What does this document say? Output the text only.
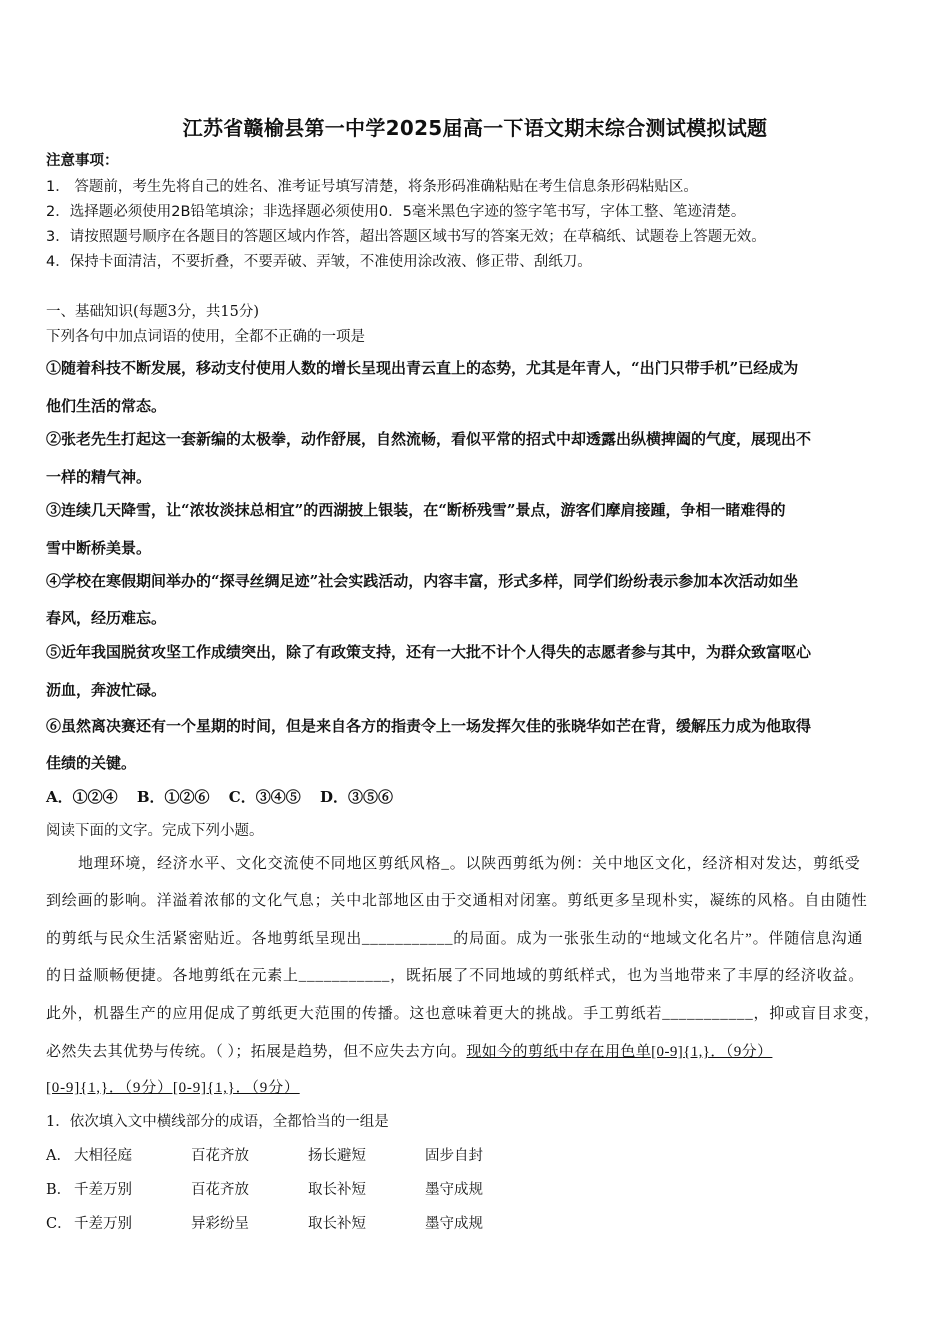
江苏省赣榆县第一中学2025届高一下语文期末综合测试模拟试题
注意事项：
1． 答题前，考生先将自己的姓名、准考证号填写清楚，将条形码准确粘贴在考生信息条形码粘贴区。
2．选择题必须使用2B铅笔填涂；非选择题必须使用0．5毫米黑色字迹的签字笔书写，字体工整、笔迹清楚。
3．请按照题号顺序在各题目的答题区域内作答，超出答题区域书写的答案无效；在草稿纸、试题卷上答题无效。
4．保持卡面清洁，不要折叠，不要弄破、弄皱，不准使用涂改液、修正带、刮纸刀。
一、基础知识(每题3分，共15分)
下列各句中加点词语的使用，全都不正确的一项是
①随着科技不断发展，移动支付使用人数的增长呈现出青云直上的态势，尤其是年青人，“出门只带手机”已经成为
他们生活的常态。
②张老先生打起这一套新编的太极拳，动作舒展，自然流畅，看似平常的招式中却透露出纵横捭阖的气度，展现出不
一样的精气神。
③连续几天降雪，让“浓妆淡抹总相宜”的西湖披上银装，在“断桥残雪”景点，游客们摩肩接踵，争相一睹难得的
雪中断桥美景。
④学校在寒假期间举办的“探寻丝绸足迹”社会实践活动，内容丰富，形式多样，同学们纷纷表示参加本次活动如坐
春风，经历难忘。
⑤近年我国脱贫攻坚工作成绩突出，除了有政策支持，还有一大批不计个人得失的志愿者参与其中，为群众致富呕心
沥血，奔波忙碌。
⑥虽然离决赛还有一个星期的时间，但是来自各方的指责令上一场发挥欠佳的张晓华如芒在背，缓解压力成为他取得
佳绩的关键。
A．①②④ B．①②⑥ C．③④⑤ D．③⑤⑥
阅读下面的文字。完成下列小题。
地理环境，经济水平、文化交流使不同地区剪纸风格_。以陕西剪纸为例：关中地区文化，经济相对发达，剪纸受
到绘画的影响。洋溢着浓郁的文化气息；关中北部地区由于交通相对闭塞。剪纸更多呈现朴实，凝练的风格。自由随性
的剪纸与民众生活紧密贴近。各地剪纸呈现出___________的局面。成为一张张生动的“地域文化名片”。伴随信息沟通
的日益顺畅便捷。各地剪纸在元素上___________，既拓展了不同地域的剪纸样式，也为当地带来了丰厚的经济收益。
此外，机器生产的应用促成了剪纸更大范围的传播。这也意味着更大的挑战。手工剪纸若___________，抑或盲目求变，
必然失去其优势与传统。（ ）；拓展是趋势，但不应失去方向。现如今的剪纸中存在用色单[0-9]{1,}．（9分）
[0-9]{1,}．（9分）[0-9]{1,}．（9分）
1．依次填入文中横线部分的成语，全都恰当的一组是
A． 大相径庭	百花齐放	扬长避短	固步自封
B． 千差万别	百花齐放	取长补短	墨守成规
C． 千差万别	异彩纷呈	取长补短	墨守成规
